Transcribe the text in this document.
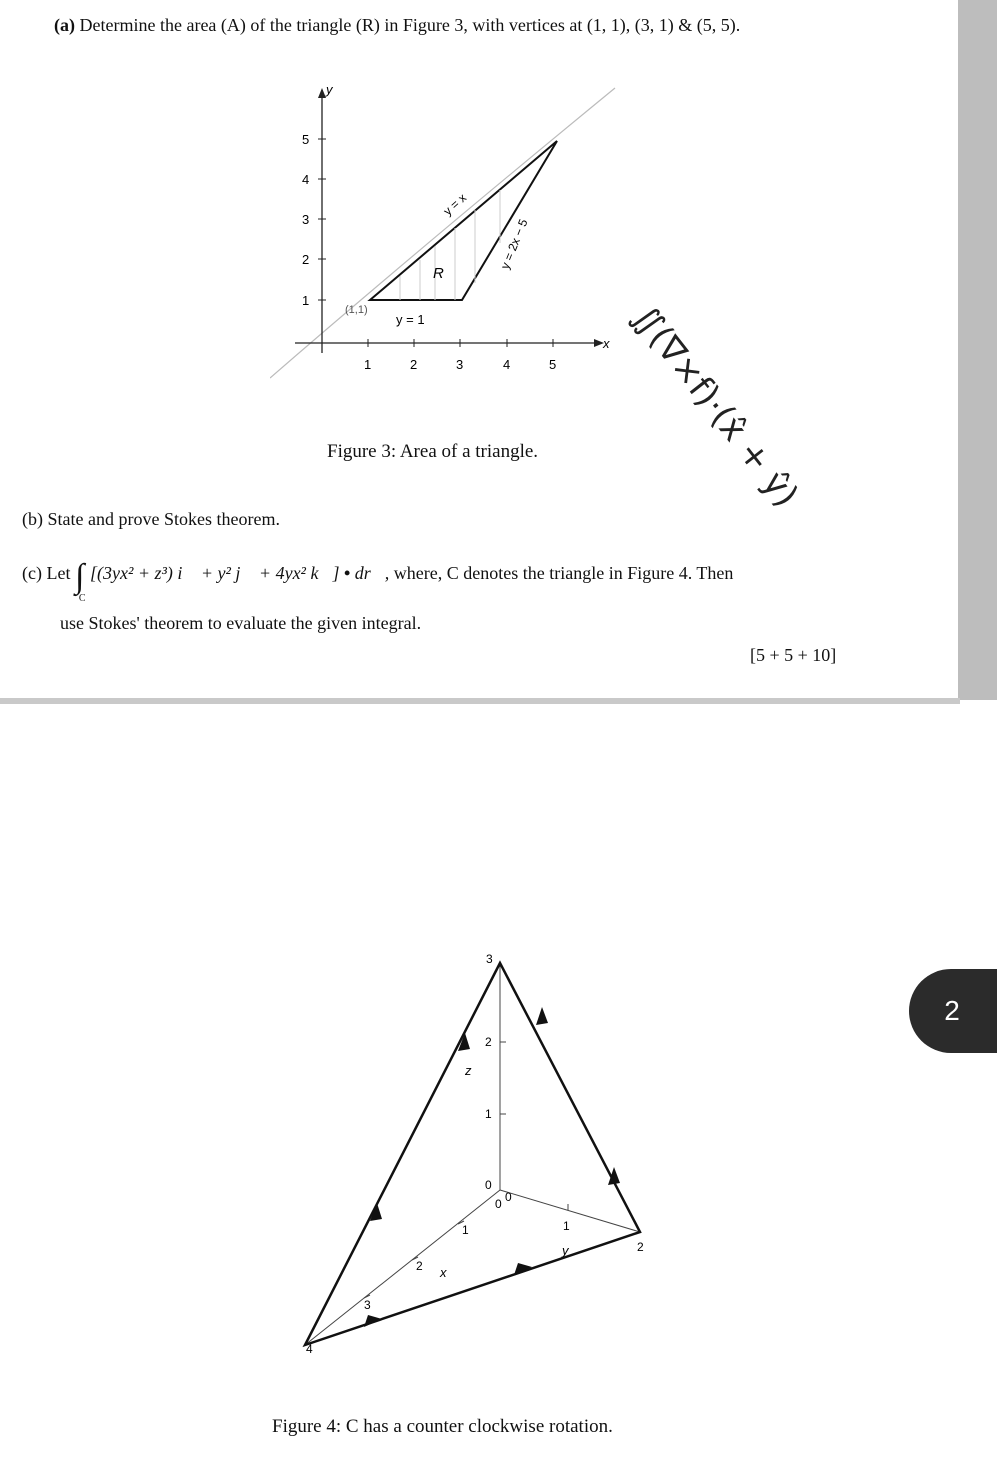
(a) Determine the area (A) of the triangle (R) in Figure 3, with vertices at (1, 1), (3, 1) & (5, 5).
y
x
1	2	3	4	5
1
2
3
4
5
y = x
y = 2x − 5
y = 1
R
(1,1)
Figure 3: Area of a triangle.	∬(∇×f)·(x̂ + ŷ)
(b) State and prove Stokes theorem.
(c) Let ∫ $_C$ [(3yx² + z³) i⃗ + y² j⃗ + 4yx² k⃗] • dr⃗, where, C denotes the triangle in Figure 4. Then
use Stokes' theorem to evaluate the given integral.
[5 + 5 + 10]
z
x
y
0
1
2
3
0
1
2
3
4
0
1
2
Figure 4: C has a counter clockwise rotation.
2
